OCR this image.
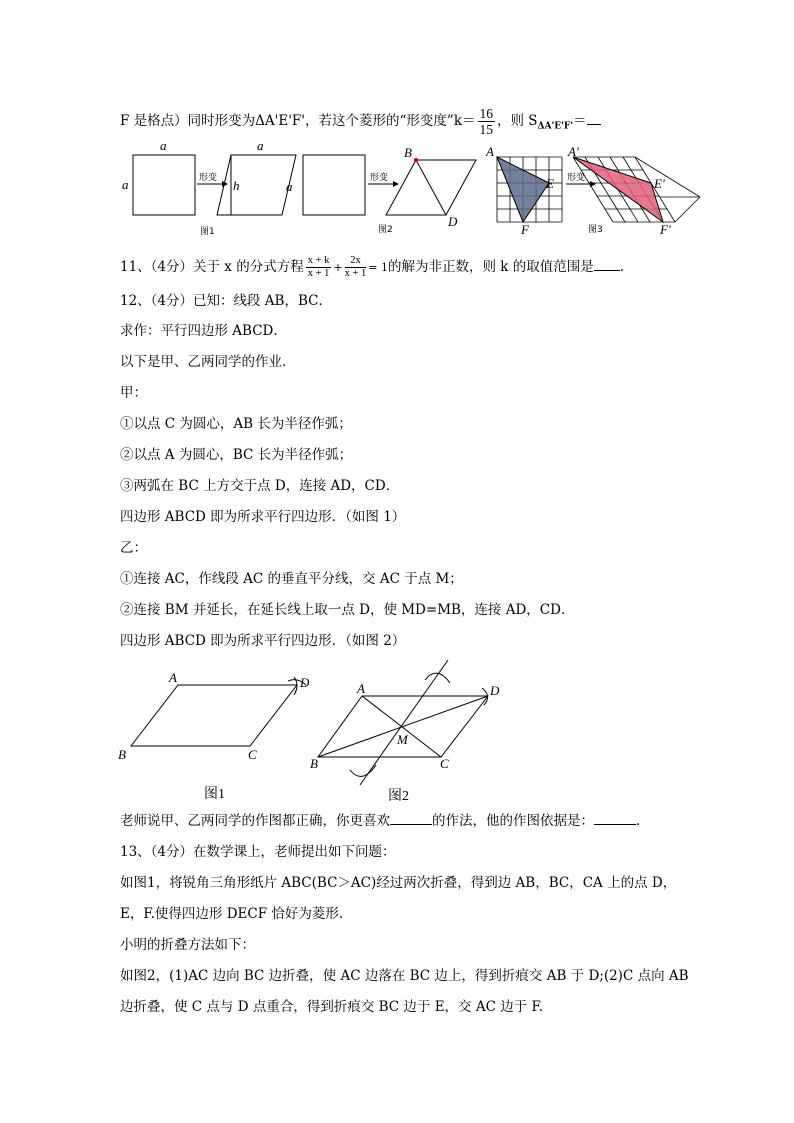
F 是格点）同时形变为ΔA'E'F'，若这个菱形的“形变度”k＝ $\frac{16}{15}$ ，则 $S_{\Delta A'E'F'}=$
a
a	形变
a
h	a
图1
形变
B
D
图2
A
E
F
形变
A′
E′
F′
图3
11、（4分）关于 x 的分式方程 $\frac{x + k}{x + 1} + \frac{2x}{x + 1} = 1$的解为非正数，则 k 的取值范围是 .
12、（4分）已知：线段 AB，BC．
求作：平行四边形 ABCD．
以下是甲、乙两同学的作业．
甲：
①以点 C 为圆心，AB 长为半径作弧；
②以点 A 为圆心，BC 长为半径作弧；
③两弧在 BC 上方交于点 D，连接 AD，CD．
四边形 ABCD 即为所求平行四边形．（如图 1）
乙：
①连接 AC，作线段 AC 的垂直平分线，交 AC 于点 M；
②连接 BM 并延长，在延长线上取一点 D，使 MD=MB，连接 AD，CD．
四边形 ABCD 即为所求平行四边形．（如图 2）
A	D
B	C
图1
A	D
M
B	C
图2
老师说甲、乙两同学的作图都正确，你更喜欢	的作法，他的作图依据是：	.
13、（4分）在数学课上，老师提出如下问题：
如图1，将锐角三角形纸片 ABC(BC＞AC)经过两次折叠，得到边 AB，BC，CA 上的点 D，
E，F.使得四边形 DECF 恰好为菱形.
小明的折叠方法如下：
如图2，(1)AC 边向 BC 边折叠，使 AC 边落在 BC 边上，得到折痕交 AB 于 D;(2)C 点向 AB
边折叠，使 C 点与 D 点重合，得到折痕交 BC 边于 E，交 AC 边于 F.
